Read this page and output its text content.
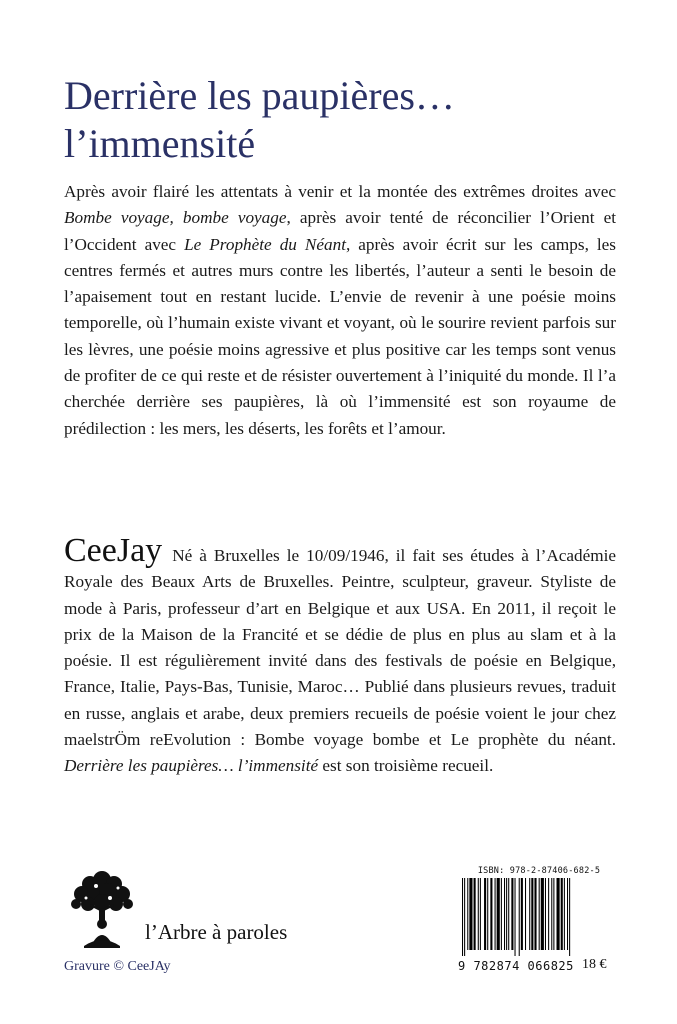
Derrière les paupières…
l’immensité
Après avoir flairé les attentats à venir et la montée des extrêmes droites avec Bombe voyage, bombe voyage, après avoir tenté de réconcilier l’Orient et l’Occident avec Le Prophète du Néant, après avoir écrit sur les camps, les centres fermés et autres murs contre les libertés, l’auteur a senti le besoin de l’apaisement tout en restant lucide. L’envie de revenir à une poésie moins temporelle, où l’humain existe vivant et voyant, où le sourire revient parfois sur les lèvres, une poésie moins agressive et plus positive car les temps sont venus de profiter de ce qui reste et de résister ouvertement à l’iniquité du monde. Il l’a cherchée derrière ses paupières, là où l’immensité est son royaume de prédilection : les mers, les déserts, les forêts et l’amour.
CeeJay Né à Bruxelles le 10/09/1946, il fait ses études à l’Académie Royale des Beaux Arts de Bruxelles. Peintre, sculpteur, graveur. Styliste de mode à Paris, professeur d’art en Belgique et aux USA. En 2011, il reçoit le prix de la Maison de la Francité et se dédie de plus en plus au slam et à la poésie. Il est régulièrement invité dans des festivals de poésie en Belgique, France, Italie, Pays-Bas, Tunisie, Maroc… Publié dans plusieurs revues, traduit en russe, anglais et arabe, deux premiers recueils de poésie voient le jour chez maelstrÖm reEvolution : Bombe voyage bombe et Le prophète du néant. Derrière les paupières… l’immensité est son troisième recueil.
l’Arbre à paroles
Gravure © CeeJAy
ISBN: 978-2-87406-682-5
9 782874 066825 18 €
